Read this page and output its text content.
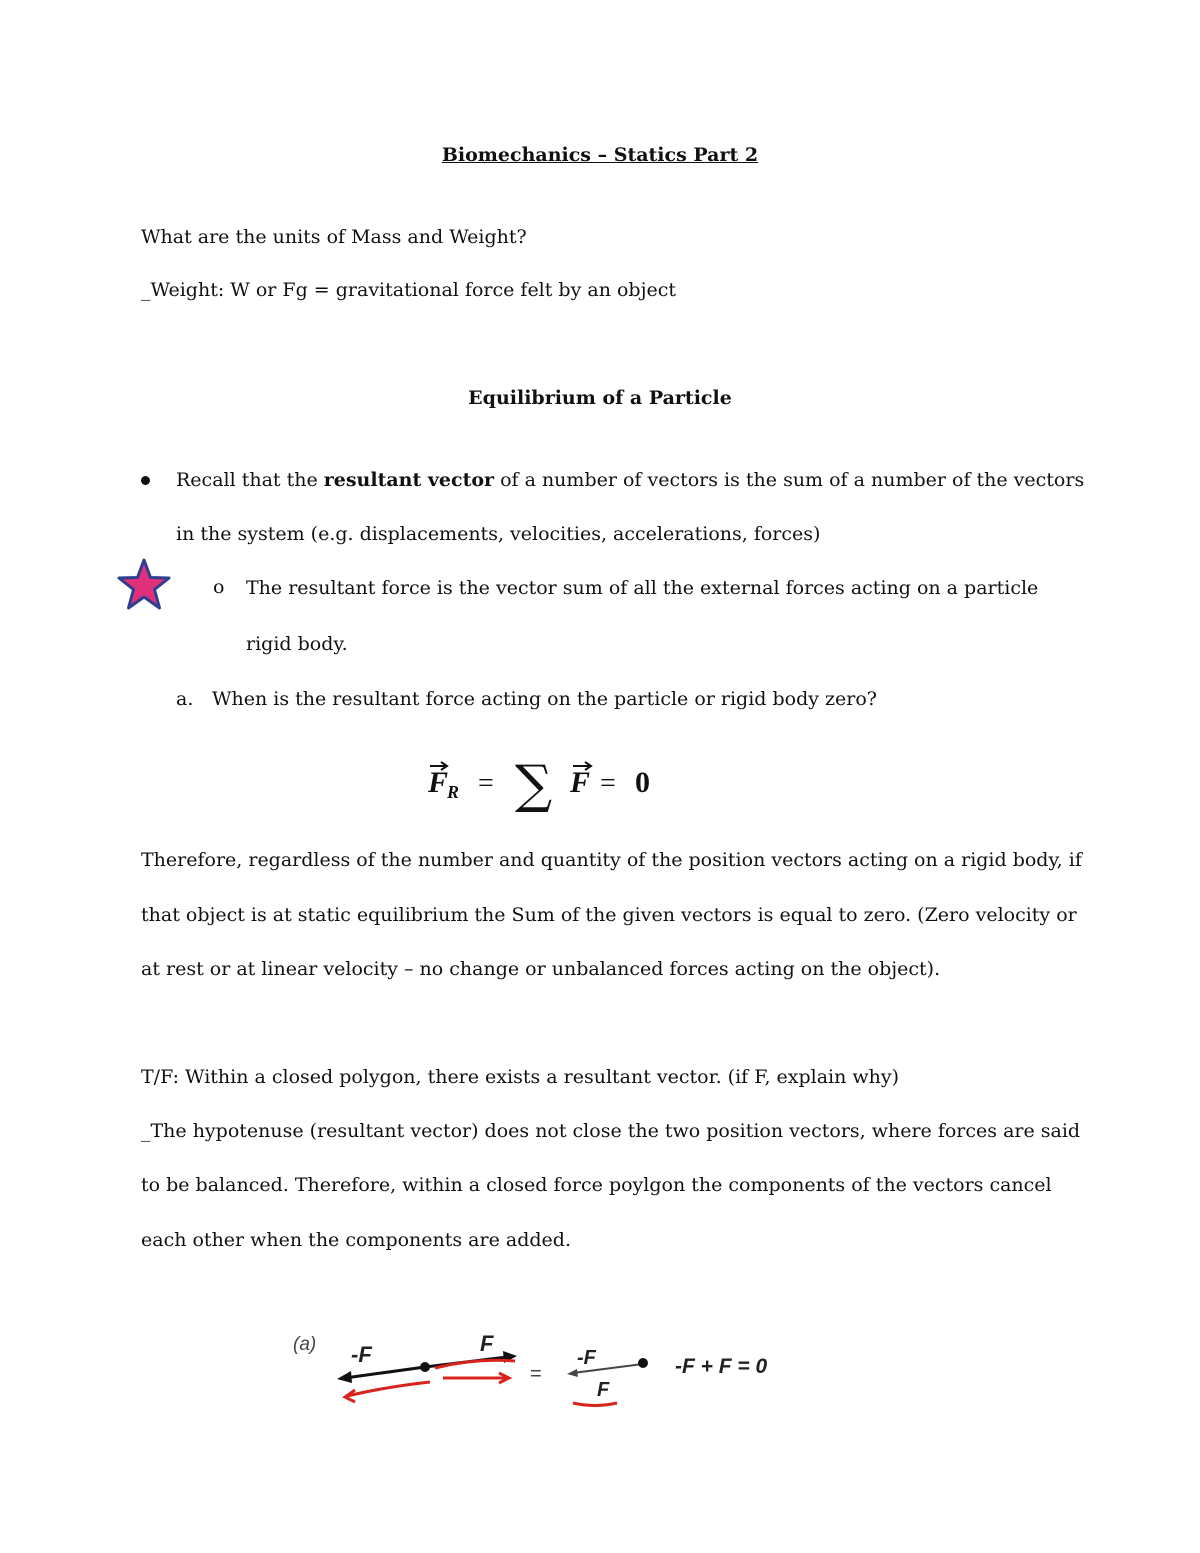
Biomechanics – Statics Part 2
What are the units of Mass and Weight?
_Weight: W or Fg = gravitational force felt by an object
Equilibrium of a Particle
Recall that the resultant vector of a number of vectors is the sum of a number of the vectors
in the system (e.g. displacements, velocities, accelerations, forces)
o The resultant force is the vector sum of all the external forces acting on a particle
rigid body.
a. When is the resultant force acting on the particle or rigid body zero?
F
R = ∑ F = 0
Therefore, regardless of the number and quantity of the position vectors acting on a rigid body, if
that object is at static equilibrium the Sum of the given vectors is equal to zero. (Zero velocity or
at rest or at linear velocity – no change or unbalanced forces acting on the object).
T/F: Within a closed polygon, there exists a resultant vector. (if F, explain why)
_The hypotenuse (resultant vector) does not close the two position vectors, where forces are said
to be balanced. Therefore, within a closed force poylgon the components of the vectors cancel
each other when the components are added.
(a) -F	F
=
-F
F
-F + F = 0
